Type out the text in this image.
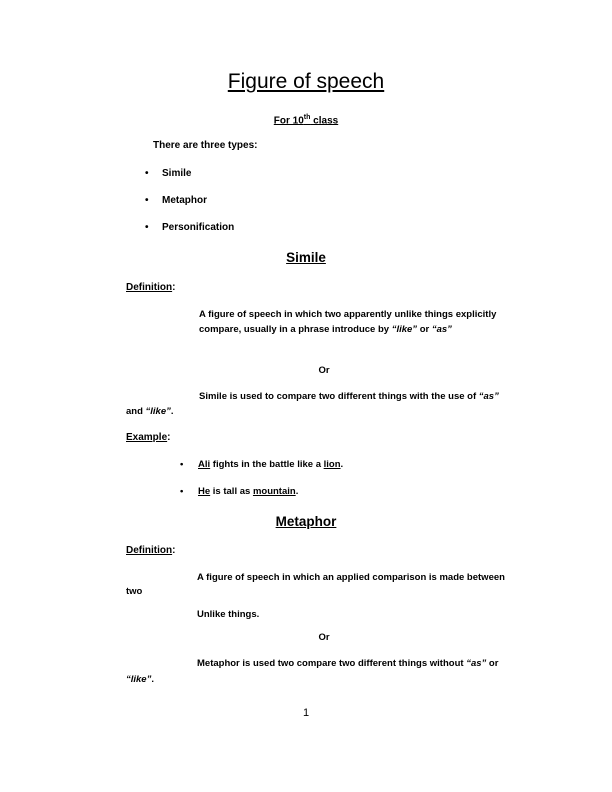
Figure of speech
For 10th class
There are three types:
• Simile
• Metaphor
• Personification
Simile
Definition:
A figure of speech in which two apparently unlike things explicitly
compare, usually in a phrase introduce by “like” or “as”
Or
Simile is used to compare two different things with the use of “as”
and “like”.
Example:
• Ali fights in the battle like a lion.
• He is tall as mountain.
Metaphor
Definition:
A figure of speech in which an applied comparison is made between
two
Unlike things.
Or
Metaphor is used two compare two different things without “as” or
“like”.
1
